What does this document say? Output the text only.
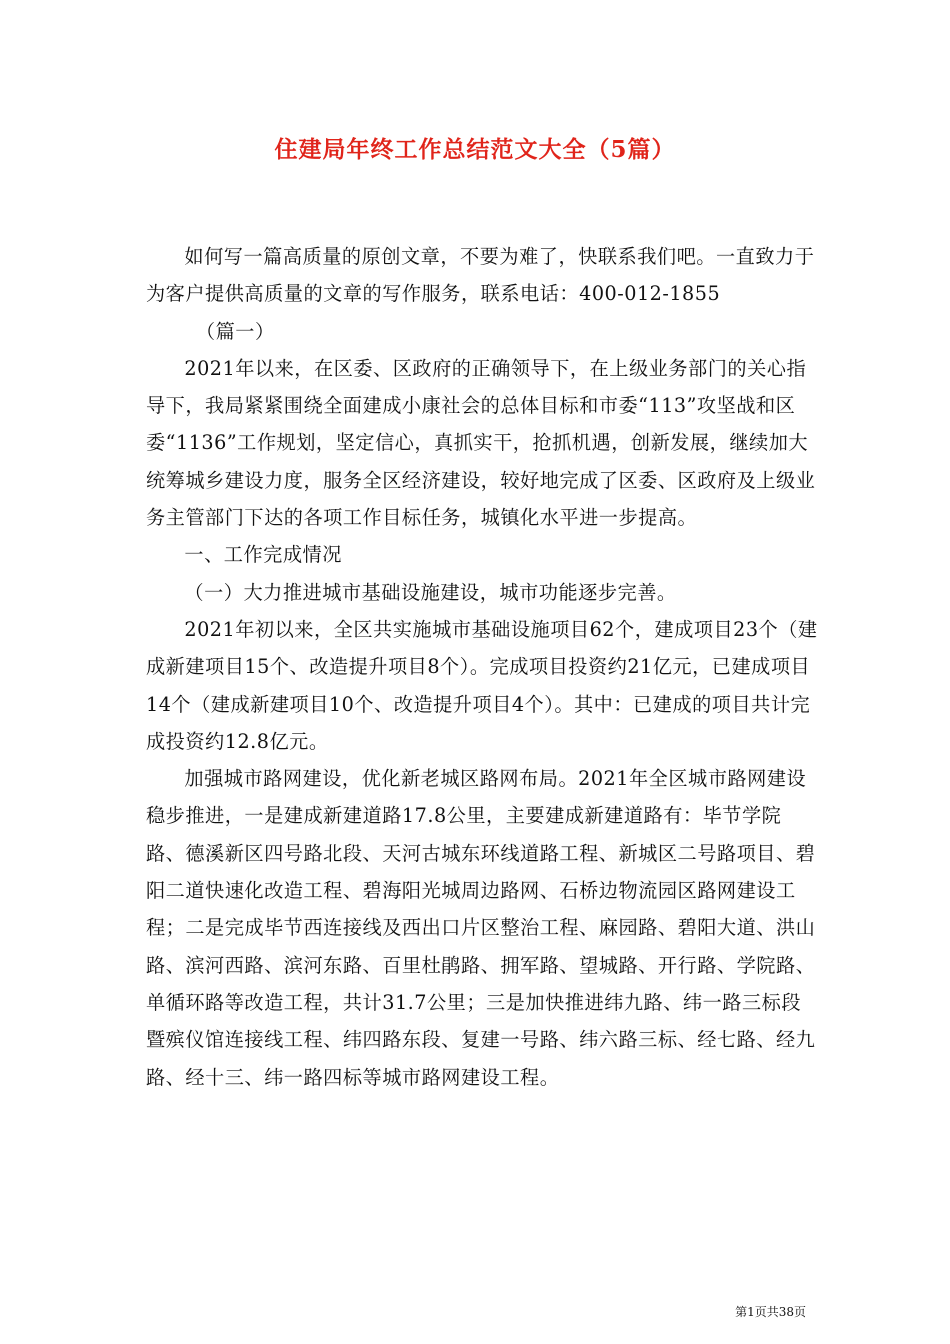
住建局年终工作总结范文大全（5篇）

如何写一篇高质量的原创文章，不要为难了，快联系我们吧。一直致力于为客户提供高质量的文章的写作服务，联系电话：400-012-1855

（篇一）

2021年以来，在区委、区政府的正确领导下，在上级业务部门的关心指导下，我局紧紧围绕全面建成小康社会的总体目标和市委“113”攻坚战和区委“1136”工作规划，坚定信心，真抓实干，抢抓机遇，创新发展，继续加大统筹城乡建设力度，服务全区经济建设，较好地完成了区委、区政府及上级业务主管部门下达的各项工作目标任务，城镇化水平进一步提高。

一、工作完成情况

（一）大力推进城市基础设施建设，城市功能逐步完善。

2021年初以来，全区共实施城市基础设施项目62个，建成项目23个（建成新建项目15个、改造提升项目8个）。完成项目投资约21亿元，已建成项目14个（建成新建项目10个、改造提升项目4个）。其中：已建成的项目共计完成投资约12.8亿元。

加强城市路网建设，优化新老城区路网布局。2021年全区城市路网建设稳步推进，一是建成新建道路17.8公里，主要建成新建道路有：毕节学院路、德溪新区四号路北段、天河古城东环线道路工程、新城区二号路项目、碧阳二道快速化改造工程、碧海阳光城周边路网、石桥边物流园区路网建设工程；二是完成毕节西连接线及西出口片区整治工程、麻园路、碧阳大道、洪山路、滨河西路、滨河东路、百里杜鹃路、拥军路、望城路、开行路、学院路、单循环路等改造工程，共计31.7公里；三是加快推进纬九路、纬一路三标段暨殡仪馆连接线工程、纬四路东段、复建一号路、纬六路三标、经七路、经九路、经十三、纬一路四标等城市路网建设工程。

第1页共38页
